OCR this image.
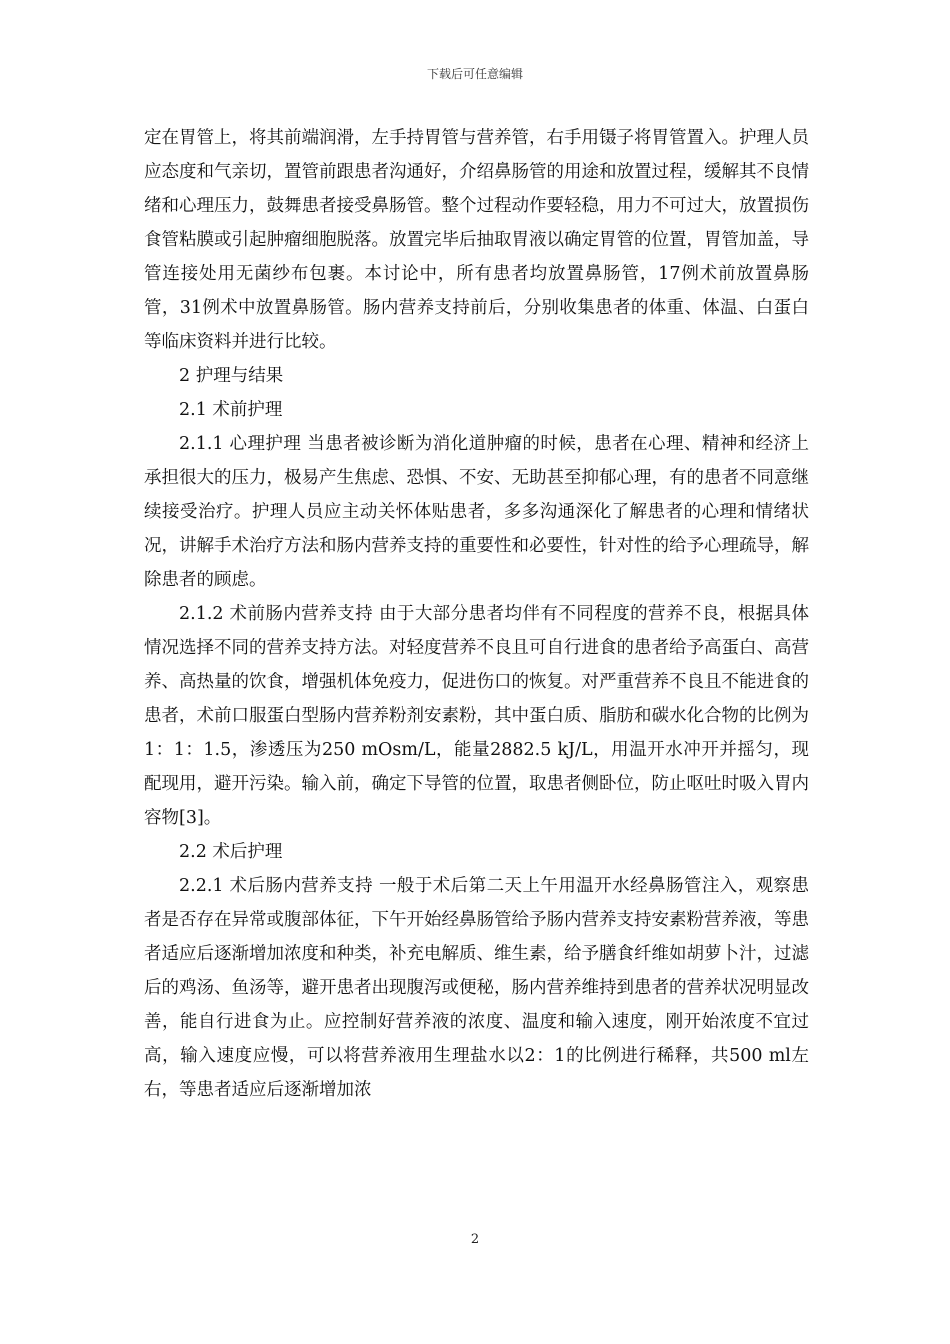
下载后可任意编辑

定在胃管上，将其前端润滑，左手持胃管与营养管，右手用镊子将胃管置入。护理人员应态度和气亲切，置管前跟患者沟通好，介绍鼻肠管的用途和放置过程，缓解其不良情绪和心理压力，鼓舞患者接受鼻肠管。整个过程动作要轻稳，用力不可过大，放置损伤食管粘膜或引起肿瘤细胞脱落。放置完毕后抽取胃液以确定胃管的位置，胃管加盖，导管连接处用无菌纱布包裹。本讨论中，所有患者均放置鼻肠管，17例术前放置鼻肠管，31例术中放置鼻肠管。肠内营养支持前后，分别收集患者的体重、体温、白蛋白等临床资料并进行比较。

2 护理与结果

2.1 术前护理

2.1.1 心理护理 当患者被诊断为消化道肿瘤的时候，患者在心理、精神和经济上承担很大的压力，极易产生焦虑、恐惧、不安、无助甚至抑郁心理，有的患者不同意继续接受治疗。护理人员应主动关怀体贴患者，多多沟通深化了解患者的心理和情绪状况，讲解手术治疗方法和肠内营养支持的重要性和必要性，针对性的给予心理疏导，解除患者的顾虑。

2.1.2 术前肠内营养支持 由于大部分患者均伴有不同程度的营养不良，根据具体情况选择不同的营养支持方法。对轻度营养不良且可自行进食的患者给予高蛋白、高营养、高热量的饮食，增强机体免疫力，促进伤口的恢复。对严重营养不良且不能进食的患者，术前口服蛋白型肠内营养粉剂安素粉，其中蛋白质、脂肪和碳水化合物的比例为1：1：1.5，渗透压为250 mOsm/L，能量2882.5 kJ/L，用温开水冲开并摇匀，现配现用，避开污染。输入前，确定下导管的位置，取患者侧卧位，防止呕吐时吸入胃内容物[3]。

2.2 术后护理

2.2.1 术后肠内营养支持 一般于术后第二天上午用温开水经鼻肠管注入，观察患者是否存在异常或腹部体征，下午开始经鼻肠管给予肠内营养支持安素粉营养液，等患者适应后逐渐增加浓度和种类，补充电解质、维生素，给予膳食纤维如胡萝卜汁，过滤后的鸡汤、鱼汤等，避开患者出现腹泻或便秘，肠内营养维持到患者的营养状况明显改善，能自行进食为止。应控制好营养液的浓度、温度和输入速度，刚开始浓度不宜过高，输入速度应慢，可以将营养液用生理盐水以2：1的比例进行稀释，共500 ml左右，等患者适应后逐渐增加浓

2
